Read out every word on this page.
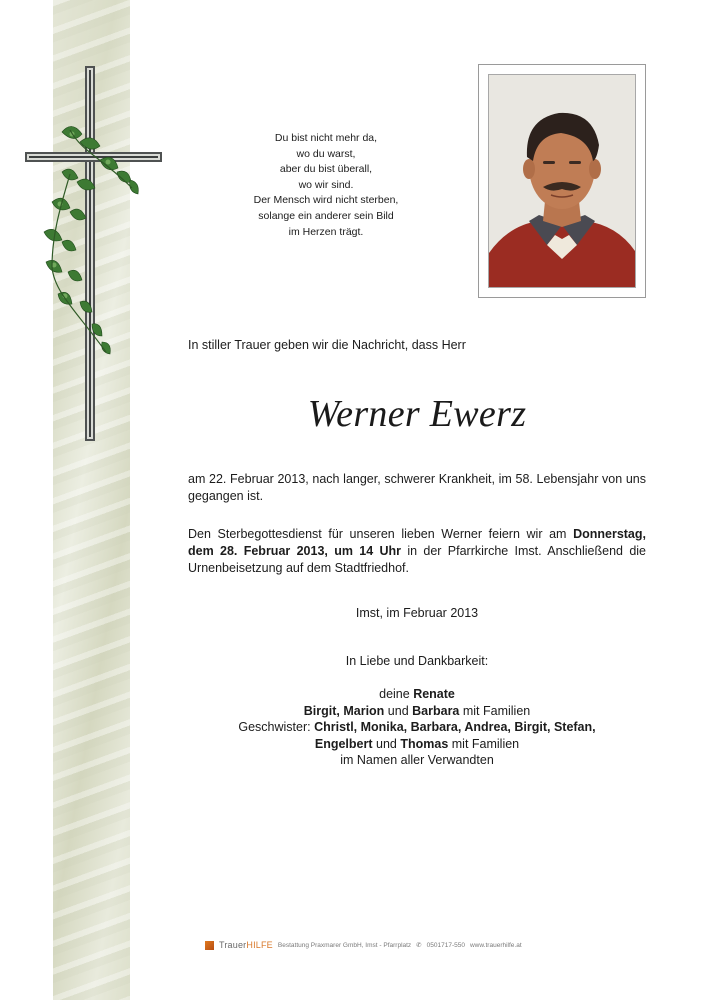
Du bist nicht mehr da,
wo du warst,
aber du bist überall,
wo wir sind.
Der Mensch wird nicht sterben,
solange ein anderer sein Bild
im Herzen trägt.
In stiller Trauer geben wir die Nachricht, dass Herr
Werner Ewerz
am 22. Februar 2013, nach langer, schwerer Krankheit, im 58. Lebensjahr von uns gegangen ist.
Den Sterbegottesdienst für unseren lieben Werner feiern wir am Donnerstag, dem 28. Februar 2013, um 14 Uhr in der Pfarrkirche Imst. Anschließend die Urnenbeisetzung auf dem Stadtfriedhof.
Imst, im Februar 2013
In Liebe und Dankbarkeit:
deine Renate
Birgit, Marion und Barbara mit Familien
Geschwister: Christl, Monika, Barbara, Andrea, Birgit, Stefan,
Engelbert und Thomas mit Familien
im Namen aller Verwandten
TrauerHILFE Bestattung Praxmarer GmbH, Imst - Pfarrplatz ✆ 0501717-550 www.trauerhilfe.at
